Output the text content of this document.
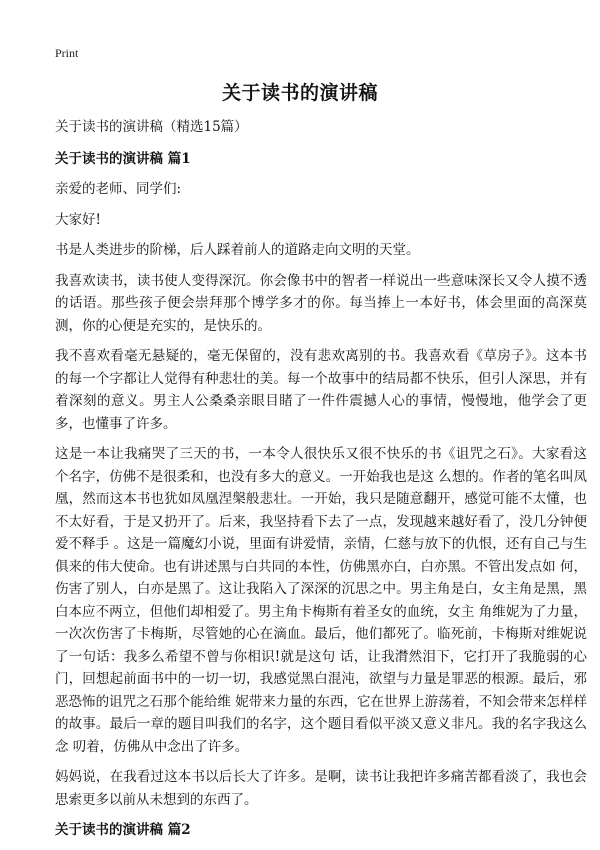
Print
关于读书的演讲稿

关于读书的演讲稿（精选15篇）

关于读书的演讲稿 篇1

亲爱的老师、同学们:

大家好!

书是人类进步的阶梯，后人踩着前人的道路走向文明的天堂。

我喜欢读书，读书使人变得深沉。你会像书中的智者一样说出一些意味深长又令人摸不透的话语。那些孩子便会崇拜那个博学多才的你。每当捧上一本好书，体会里面的高深莫测，你的心便是充实的，是快乐的。

我不喜欢看毫无悬疑的，毫无保留的，没有悲欢离别的书。我喜欢看《草房子》。这本书的每一个字都让人觉得有种悲壮的美。每一个故事中的结局都不快乐，但引人深思，并有着深刻的意义。男主人公桑桑亲眼目睹了一件件震撼人心的事情，慢慢地，他学会了更多，也懂事了许多。

这是一本让我痛哭了三天的书，一本令人很快乐又很不快乐的书《诅咒之石》。大家看这个名字，仿佛不是很柔和，也没有多大的意义。一开始我也是这 么想的。作者的笔名叫凤凰，然而这本书也犹如凤凰涅槃般悲壮。一开始，我只是随意翻开，感觉可能不太懂，也不太好看，于是又扔开了。后来，我坚持看下去了一点，发现越来越好看了，没几分钟便爱不释手 。这是一篇魔幻小说，里面有讲爱情，亲情，仁慈与放下的仇恨，还有自己与生俱来的伟大使命。也有讲述黑与白共同的本性，仿佛黑亦白，白亦黑。不管出发点如 何，伤害了别人，白亦是黑了。这让我陷入了深深的沉思之中。男主角是白，女主角是黑，黑白本应不两立，但他们却相爱了。男主角卡梅斯有着圣女的血统，女主 角维妮为了力量，一次次伤害了卡梅斯，尽管她的心在滴血。最后，他们都死了。临死前，卡梅斯对维妮说了一句话：我多么希望不曾与你相识!就是这句 话，让我潸然泪下，它打开了我脆弱的心门，回想起前面书中的一切一切，我感觉黑白混沌，欲望与力量是罪恶的根源。最后，邪恶恐怖的诅咒之石那个能给维 妮带来力量的东西，它在世界上游荡着，不知会带来怎样样的故事。最后一章的题目叫我们的名字，这个题目看似平淡又意义非凡。我的名字我这么念 叨着，仿佛从中念出了许多。

妈妈说，在我看过这本书以后长大了许多。是啊，读书让我把许多痛苦都看淡了，我也会思索更多以前从未想到的东西了。

关于读书的演讲稿 篇2
